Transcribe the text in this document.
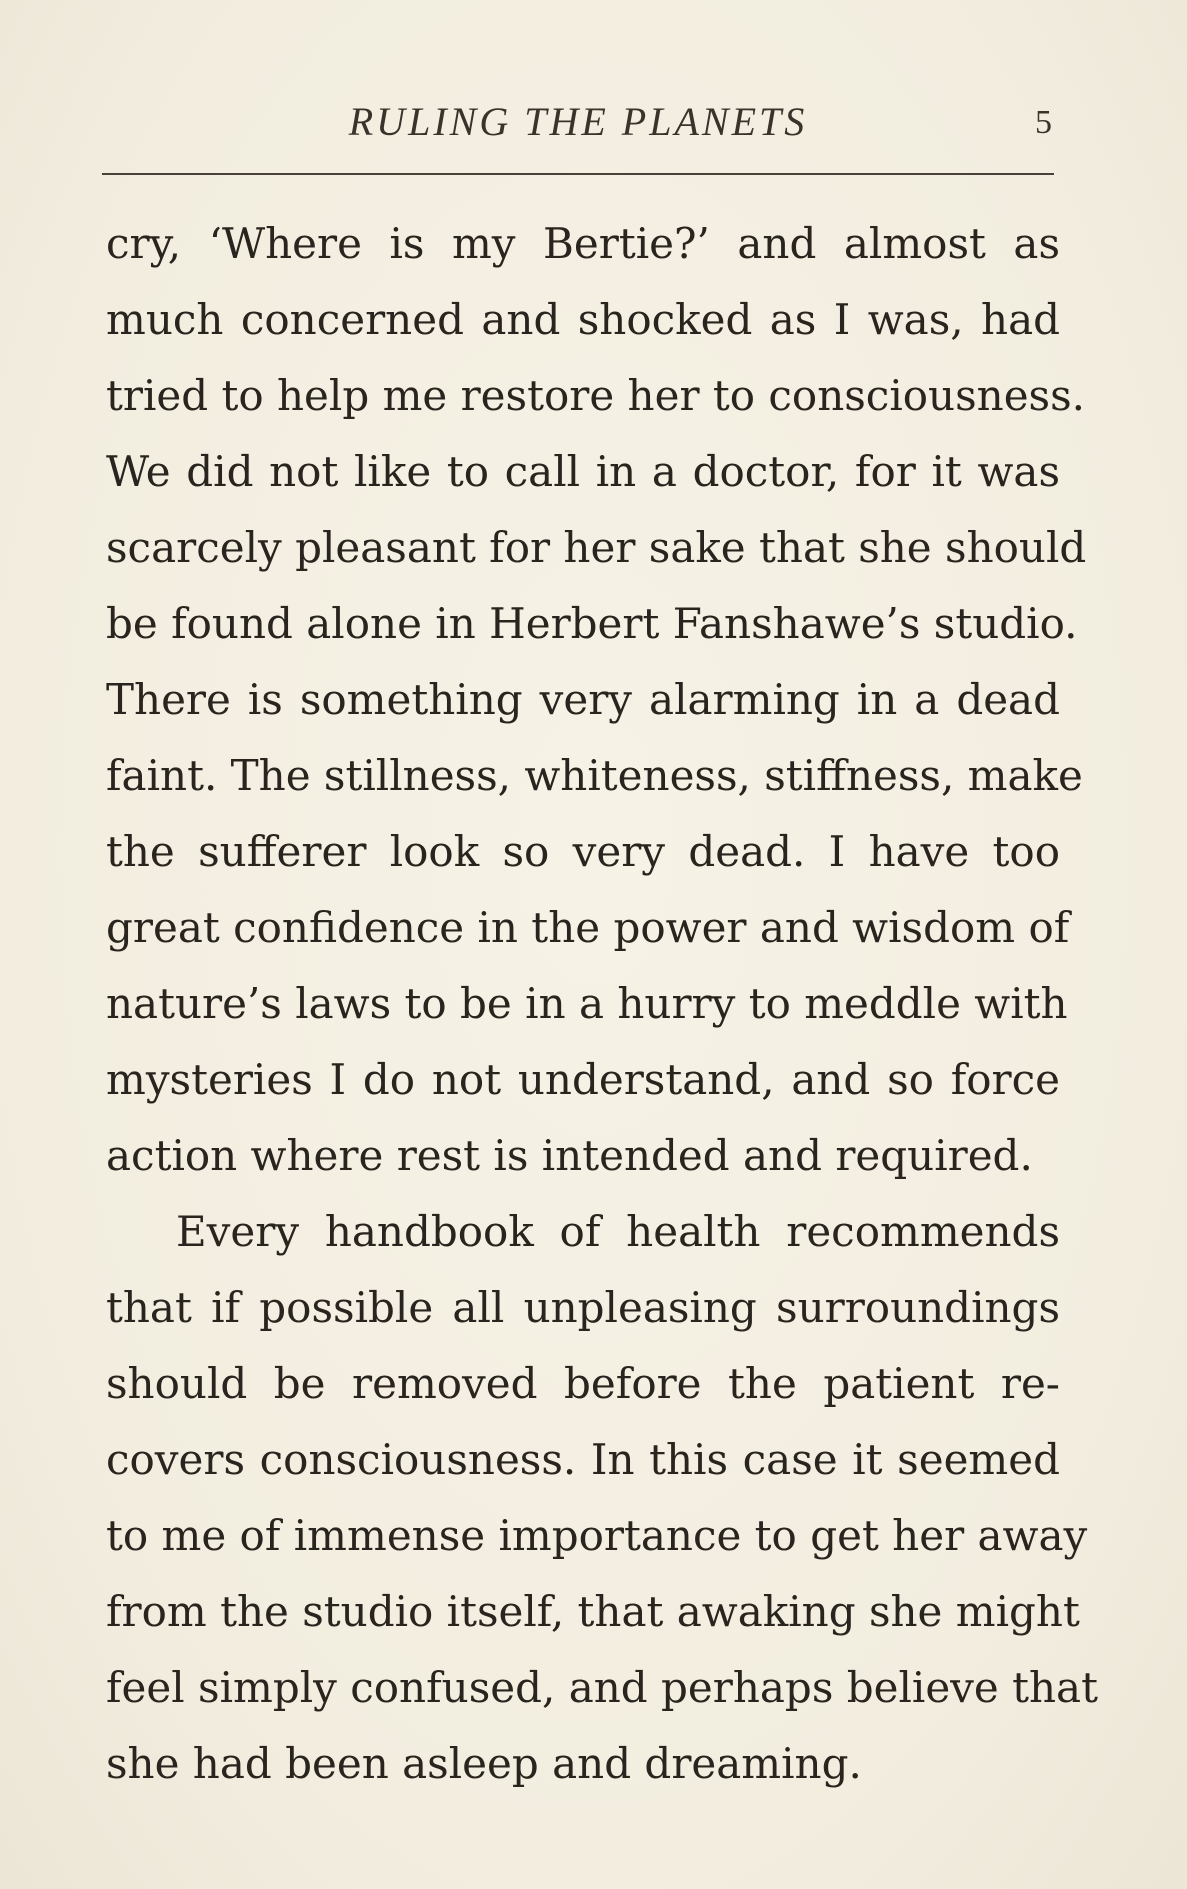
RULING THE PLANETS	5
cry, ‘Where is my Bertie?’ and almost as
much concerned and shocked as I was, had
tried to help me restore her to consciousness.
We did not like to call in a doctor, for it was
scarcely pleasant for her sake that she should
be found alone in Herbert Fanshawe’s studio.
There is something very alarming in a dead
faint. The stillness, whiteness, stiffness, make
the sufferer look so very dead. I have too
great confidence in the power and wisdom of
nature’s laws to be in a hurry to meddle with
mysteries I do not understand, and so force
action where rest is intended and required.
Every handbook of health recommends
that if possible all unpleasing surroundings
should be removed before the patient re-
covers consciousness. In this case it seemed
to me of immense importance to get her away
from the studio itself, that awaking she might
feel simply confused, and perhaps believe that
she had been asleep and dreaming.
